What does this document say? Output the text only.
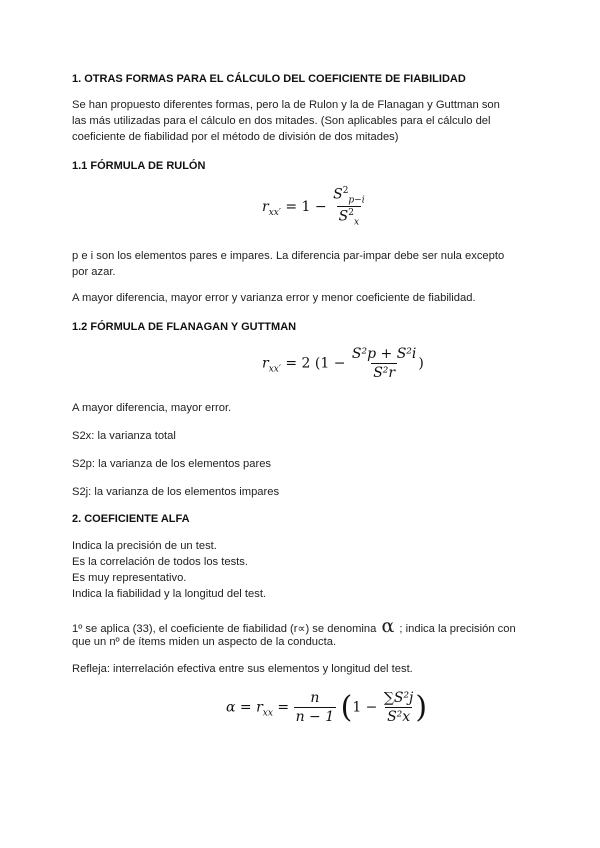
1. OTRAS FORMAS PARA EL CÁLCULO DEL COEFICIENTE DE FIABILIDAD
Se han propuesto diferentes formas, pero la de Rulon y la de Flanagan y Guttman son
las más utilizadas para el cálculo en dos mitades. (Son aplicables para el cálculo del
coeficiente de fiabilidad por el método de división de dos mitades)
1.1 FÓRMULA DE RULÓN
$r_{xx'} = 1 - \frac{S^2_{p-i}}{S^2_x}$
p e i son los elementos pares e impares. La diferencia par-impar debe ser nula excepto
por azar.
A mayor diferencia, mayor error y varianza error y menor coeficiente de fiabilidad.
1.2 FÓRMULA DE FLANAGAN Y GUTTMAN
$r_{xx'} = 2$ ($1 - \frac{\text{S²p + S²i}}{\text{S²r}}$ )
A mayor diferencia, mayor error.
S2x: la varianza total
S2p: la varianza de los elementos pares
S2j: la varianza de los elementos impares
2. COEFICIENTE ALFA
Indica la precisión de un test.
Es la correlación de todos los tests.
Es muy representativo.
Indica la fiabilidad y la longitud del test.
1º se aplica (33), el coeficiente de fiabilidad (r∝) se denomina α ; indica la precisión con
que un nº de ítems miden un aspecto de la conducta.
Refleja: interrelación efectiva entre sus elementos y longitud del test.
$\alpha = r_{xx} = \frac{n}{n - 1} (1 - \frac{\text{∑S²j}}{\text{S²x}}$ )
